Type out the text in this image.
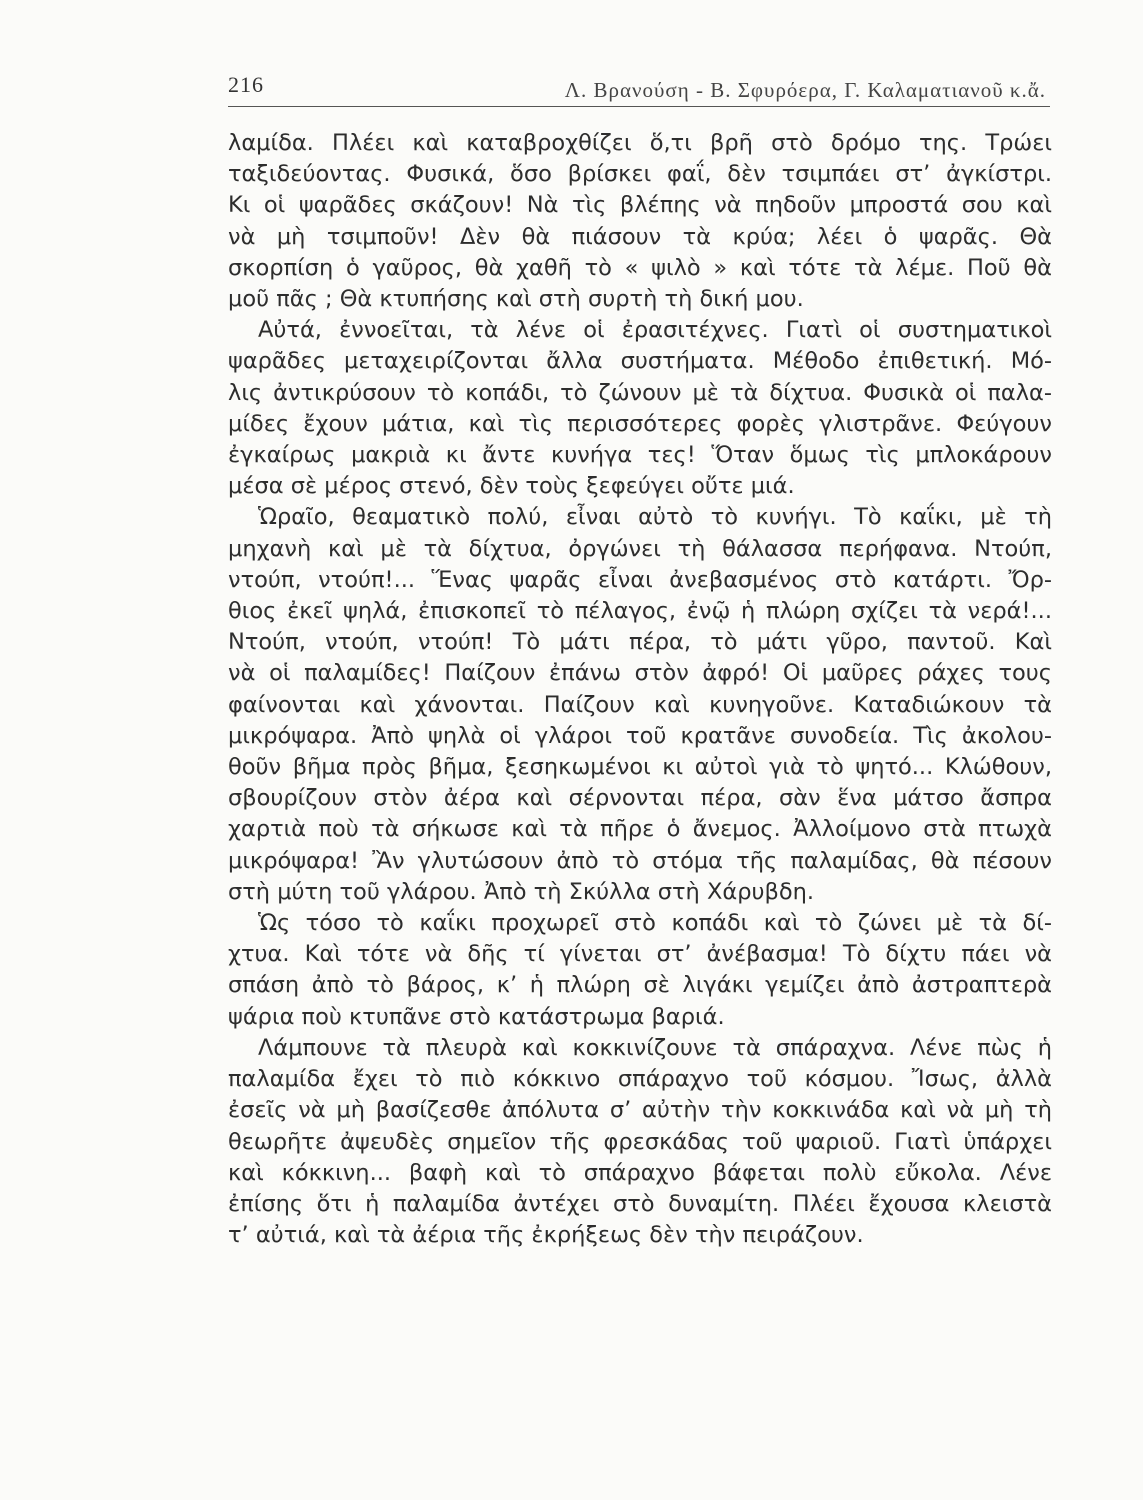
216	Λ. Βρανούση - Β. Σφυρόερα, Γ. Καλαματιανοῦ κ.ἄ.

λαμίδα. Πλέει καὶ καταβροχθίζει ὅ,τι βρῆ στὸ δρόμο της. Τρώει
ταξιδεύοντας. Φυσικά, ὅσο βρίσκει φαΐ, δὲν τσιμπάει στ’ ἀγκίστρι.
Κι οἱ ψαρᾶδες σκάζουν! Νὰ τὶς βλέπης νὰ πηδοῦν μπροστά σου καὶ
νὰ μὴ τσιμποῦν! Δὲν θὰ πιάσουν τὰ κρύα; λέει ὁ ψαρᾶς. Θὰ
σκορπίση ὁ γαῦρος, θὰ χαθῆ τὸ « ψιλὸ » καὶ τότε τὰ λέμε. Ποῦ θὰ
μοῦ πᾶς ; Θὰ κτυπήσης καὶ στὴ συρτὴ τὴ δική μου.

Αὐτά, ἐννοεῖται, τὰ λένε οἱ ἐρασιτέχνες. Γιατὶ οἱ συστηματικοὶ
ψαρᾶδες μεταχειρίζονται ἄλλα συστήματα. Μέθοδο ἐπιθετική. Μό-
λις ἀντικρύσουν τὸ κοπάδι, τὸ ζώνουν μὲ τὰ δίχτυα. Φυσικὰ οἱ παλα-
μίδες ἔχουν μάτια, καὶ τὶς περισσότερες φορὲς γλιστρᾶνε. Φεύγουν
ἐγκαίρως μακριὰ κι ἄντε κυνήγα τες! Ὅταν ὅμως τὶς μπλοκάρουν
μέσα σὲ μέρος στενό, δὲν τοὺς ξεφεύγει οὔτε μιά.

Ὡραῖο, θεαματικὸ πολύ, εἶναι αὐτὸ τὸ κυνήγι. Τὸ καΐκι, μὲ τὴ
μηχανὴ καὶ μὲ τὰ δίχτυα, ὀργώνει τὴ θάλασσα περήφανα. Ντούπ,
ντούπ, ντούπ!... Ἕνας ψαρᾶς εἶναι ἀνεβασμένος στὸ κατάρτι. Ὄρ-
θιος ἐκεῖ ψηλά, ἐπισκοπεῖ τὸ πέλαγος, ἐνῷ ἡ πλώρη σχίζει τὰ νερά!...
Ντούπ, ντούπ, ντούπ! Τὸ μάτι πέρα, τὸ μάτι γῦρο, παντοῦ. Καὶ
νὰ οἱ παλαμίδες! Παίζουν ἐπάνω στὸν ἀφρό! Οἱ μαῦρες ράχες τους
φαίνονται καὶ χάνονται. Παίζουν καὶ κυνηγοῦνε. Καταδιώκουν τὰ
μικρόψαρα. Ἀπὸ ψηλὰ οἱ γλάροι τοῦ κρατᾶνε συνοδεία. Τὶς ἀκολου-
θοῦν βῆμα πρὸς βῆμα, ξεσηκωμένοι κι αὐτοὶ γιὰ τὸ ψητό... Κλώθουν,
σβουρίζουν στὸν ἀέρα καὶ σέρνονται πέρα, σὰν ἕνα μάτσο ἄσπρα
χαρτιὰ ποὺ τὰ σήκωσε καὶ τὰ πῆρε ὁ ἄνεμος. Ἀλλοίμονο στὰ πτωχὰ
μικρόψαρα! Ἂν γλυτώσουν ἀπὸ τὸ στόμα τῆς παλαμίδας, θὰ πέσουν
στὴ μύτη τοῦ γλάρου. Ἀπὸ τὴ Σκύλλα στὴ Χάρυβδη.

Ὡς τόσο τὸ καΐκι προχωρεῖ στὸ κοπάδι καὶ τὸ ζώνει μὲ τὰ δί-
χτυα. Καὶ τότε νὰ δῆς τί γίνεται στ’ ἀνέβασμα! Τὸ δίχτυ πάει νὰ
σπάση ἀπὸ τὸ βάρος, κ’ ἡ πλώρη σὲ λιγάκι γεμίζει ἀπὸ ἀστραπτερὰ
ψάρια ποὺ κτυπᾶνε στὸ κατάστρωμα βαριά.

Λάμπουνε τὰ πλευρὰ καὶ κοκκινίζουνε τὰ σπάραχνα. Λένε πὼς ἡ
παλαμίδα ἔχει τὸ πιὸ κόκκινο σπάραχνο τοῦ κόσμου. Ἴσως, ἀλλὰ
ἐσεῖς νὰ μὴ βασίζεσθε ἀπόλυτα σ’ αὐτὴν τὴν κοκκινάδα καὶ νὰ μὴ τὴ
θεωρῆτε ἀψευδὲς σημεῖον τῆς φρεσκάδας τοῦ ψαριοῦ. Γιατὶ ὑπάρχει
καὶ κόκκινη... βαφὴ καὶ τὸ σπάραχνο βάφεται πολὺ εὔκολα. Λένε
ἐπίσης ὅτι ἡ παλαμίδα ἀντέχει στὸ δυναμίτη. Πλέει ἔχουσα κλειστὰ
τ’ αὐτιά, καὶ τὰ ἀέρια τῆς ἐκρήξεως δὲν τὴν πειράζουν.
